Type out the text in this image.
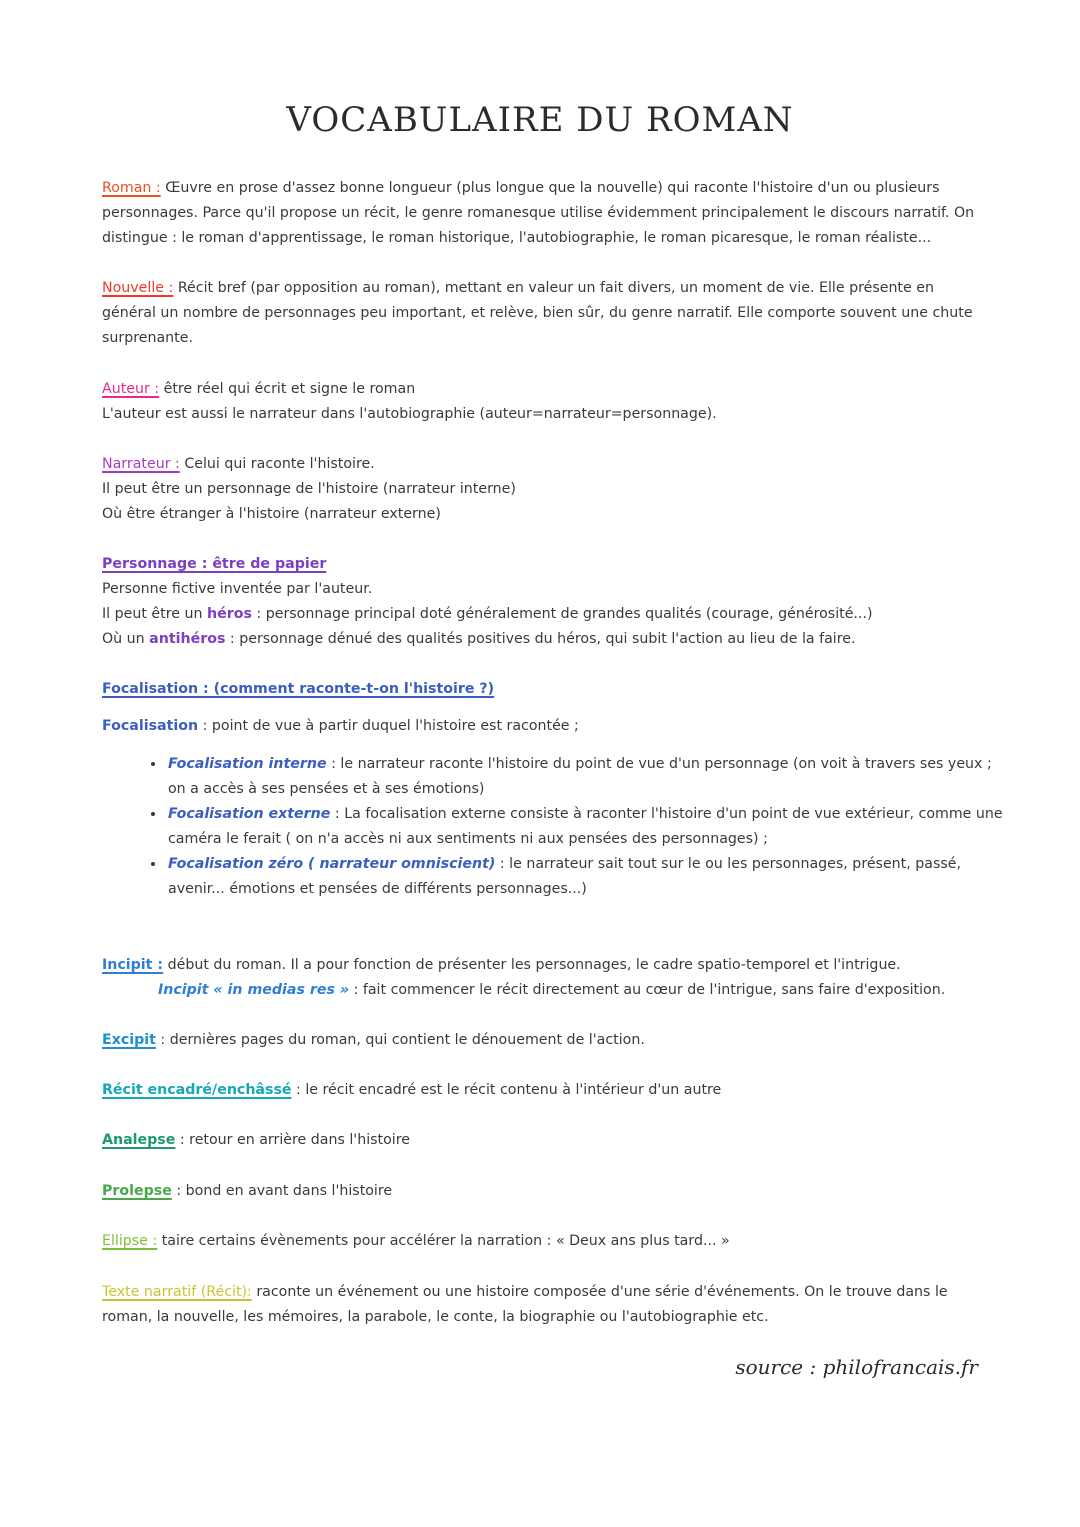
VOCABULAIRE DU ROMAN

Roman : Œuvre en prose d'assez bonne longueur (plus longue que la nouvelle) qui raconte l'histoire d'un ou plusieurs

personnages. Parce qu'il propose un récit, le genre romanesque utilise évidemment principalement le discours narratif. On

distingue : le roman d'apprentissage, le roman historique, l'autobiographie, le roman picaresque, le roman réaliste...

Nouvelle : Récit bref (par opposition au roman), mettant en valeur un fait divers, un moment de vie. Elle présente en

général un nombre de personnages peu important, et relève, bien sûr, du genre narratif. Elle comporte souvent une chute

surprenante.

Auteur : être réel qui écrit et signe le roman

L'auteur est aussi le narrateur dans l'autobiographie (auteur=narrateur=personnage).

Narrateur : Celui qui raconte l'histoire.

Il peut être un personnage de l'histoire (narrateur interne)

Où être étranger à l'histoire (narrateur externe)

Personnage : être de papier

Personne fictive inventée par l'auteur.

Il peut être un héros : personnage principal doté généralement de grandes qualités (courage, générosité...)

Où un antihéros : personnage dénué des qualités positives du héros, qui subit l'action au lieu de la faire.

Focalisation : (comment raconte-t-on l'histoire ?)

Focalisation : point de vue à partir duquel l'histoire est racontée ;

• Focalisation interne : le narrateur raconte l'histoire du point de vue d'un personnage (on voit à travers ses yeux ; on a accès à ses pensées et à ses émotions)
• Focalisation externe : La focalisation externe consiste à raconter l'histoire d'un point de vue extérieur, comme une caméra le ferait ( on n'a accès ni aux sentiments ni aux pensées des personnages) ;
• Focalisation zéro ( narrateur omniscient) : le narrateur sait tout sur le ou les personnages, présent, passé, avenir... émotions et pensées de différents personnages...)

Incipit : début du roman. Il a pour fonction de présenter les personnages, le cadre spatio-temporel et l'intrigue.

Incipit « in medias res » : fait commencer le récit directement au cœur de l'intrigue, sans faire d'exposition.

Excipit : dernières pages du roman, qui contient le dénouement de l'action.

Récit encadré/enchâssé : le récit encadré est le récit contenu à l'intérieur d'un autre

Analepse : retour en arrière dans l'histoire

Prolepse : bond en avant dans l'histoire

Ellipse : taire certains évènements pour accélérer la narration : « Deux ans plus tard... »

Texte narratif (Récit): raconte un événement ou une histoire composée d'une série d'événements. On le trouve dans le

roman, la nouvelle, les mémoires, la parabole, le conte, la biographie ou l'autobiographie etc.

source : philofrancais.fr
